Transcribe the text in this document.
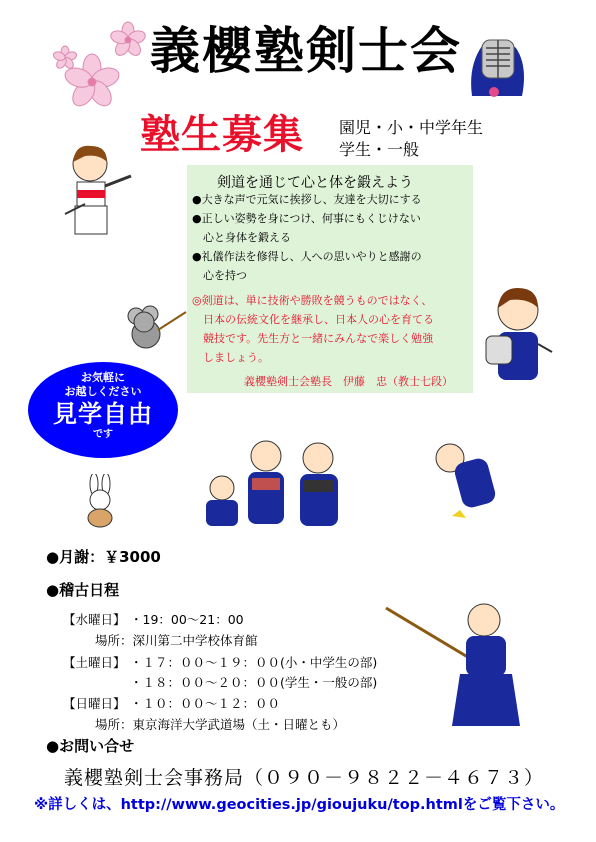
義櫻塾剣士会
塾生募集 園児・小・中学年生
学生・一般
剣道を通じて心と体を鍛えよう
●大きな声で元気に挨拶し、友達を大切にする
●正しい姿勢を身につけ、何事にもくじけない
　心と身体を鍛える
●礼儀作法を修得し、人への思いやりと感謝の
　心を持つ
◎剣道は、単に技術や勝敗を競うものではなく、
　日本の伝統文化を継承し、日本人の心を育てる
　競技です。先生方と一緒にみんなで楽しく勉強
　しましょう。
義櫻塾剣士会塾長　伊藤　忠（教士七段）
お気軽に
お越しください
見学自由
です
●月謝：￥3000
●稽古日程
【水曜日】 ・19：00～21：00
場所：深川第二中学校体育館
【土曜日】 ・１７：００～１９：００(小・中学生の部)
・１８：００～２０：００(学生・一般の部)
【日曜日】 ・１０：００～１２：００
場所：東京海洋大学武道場（土・日曜とも）
●お問い合せ
義櫻塾剣士会事務局（０９０－９８２２－４６７３）
※詳しくは、http://www.geocities.jp/gioujuku/top.htmlをご覧下さい。
